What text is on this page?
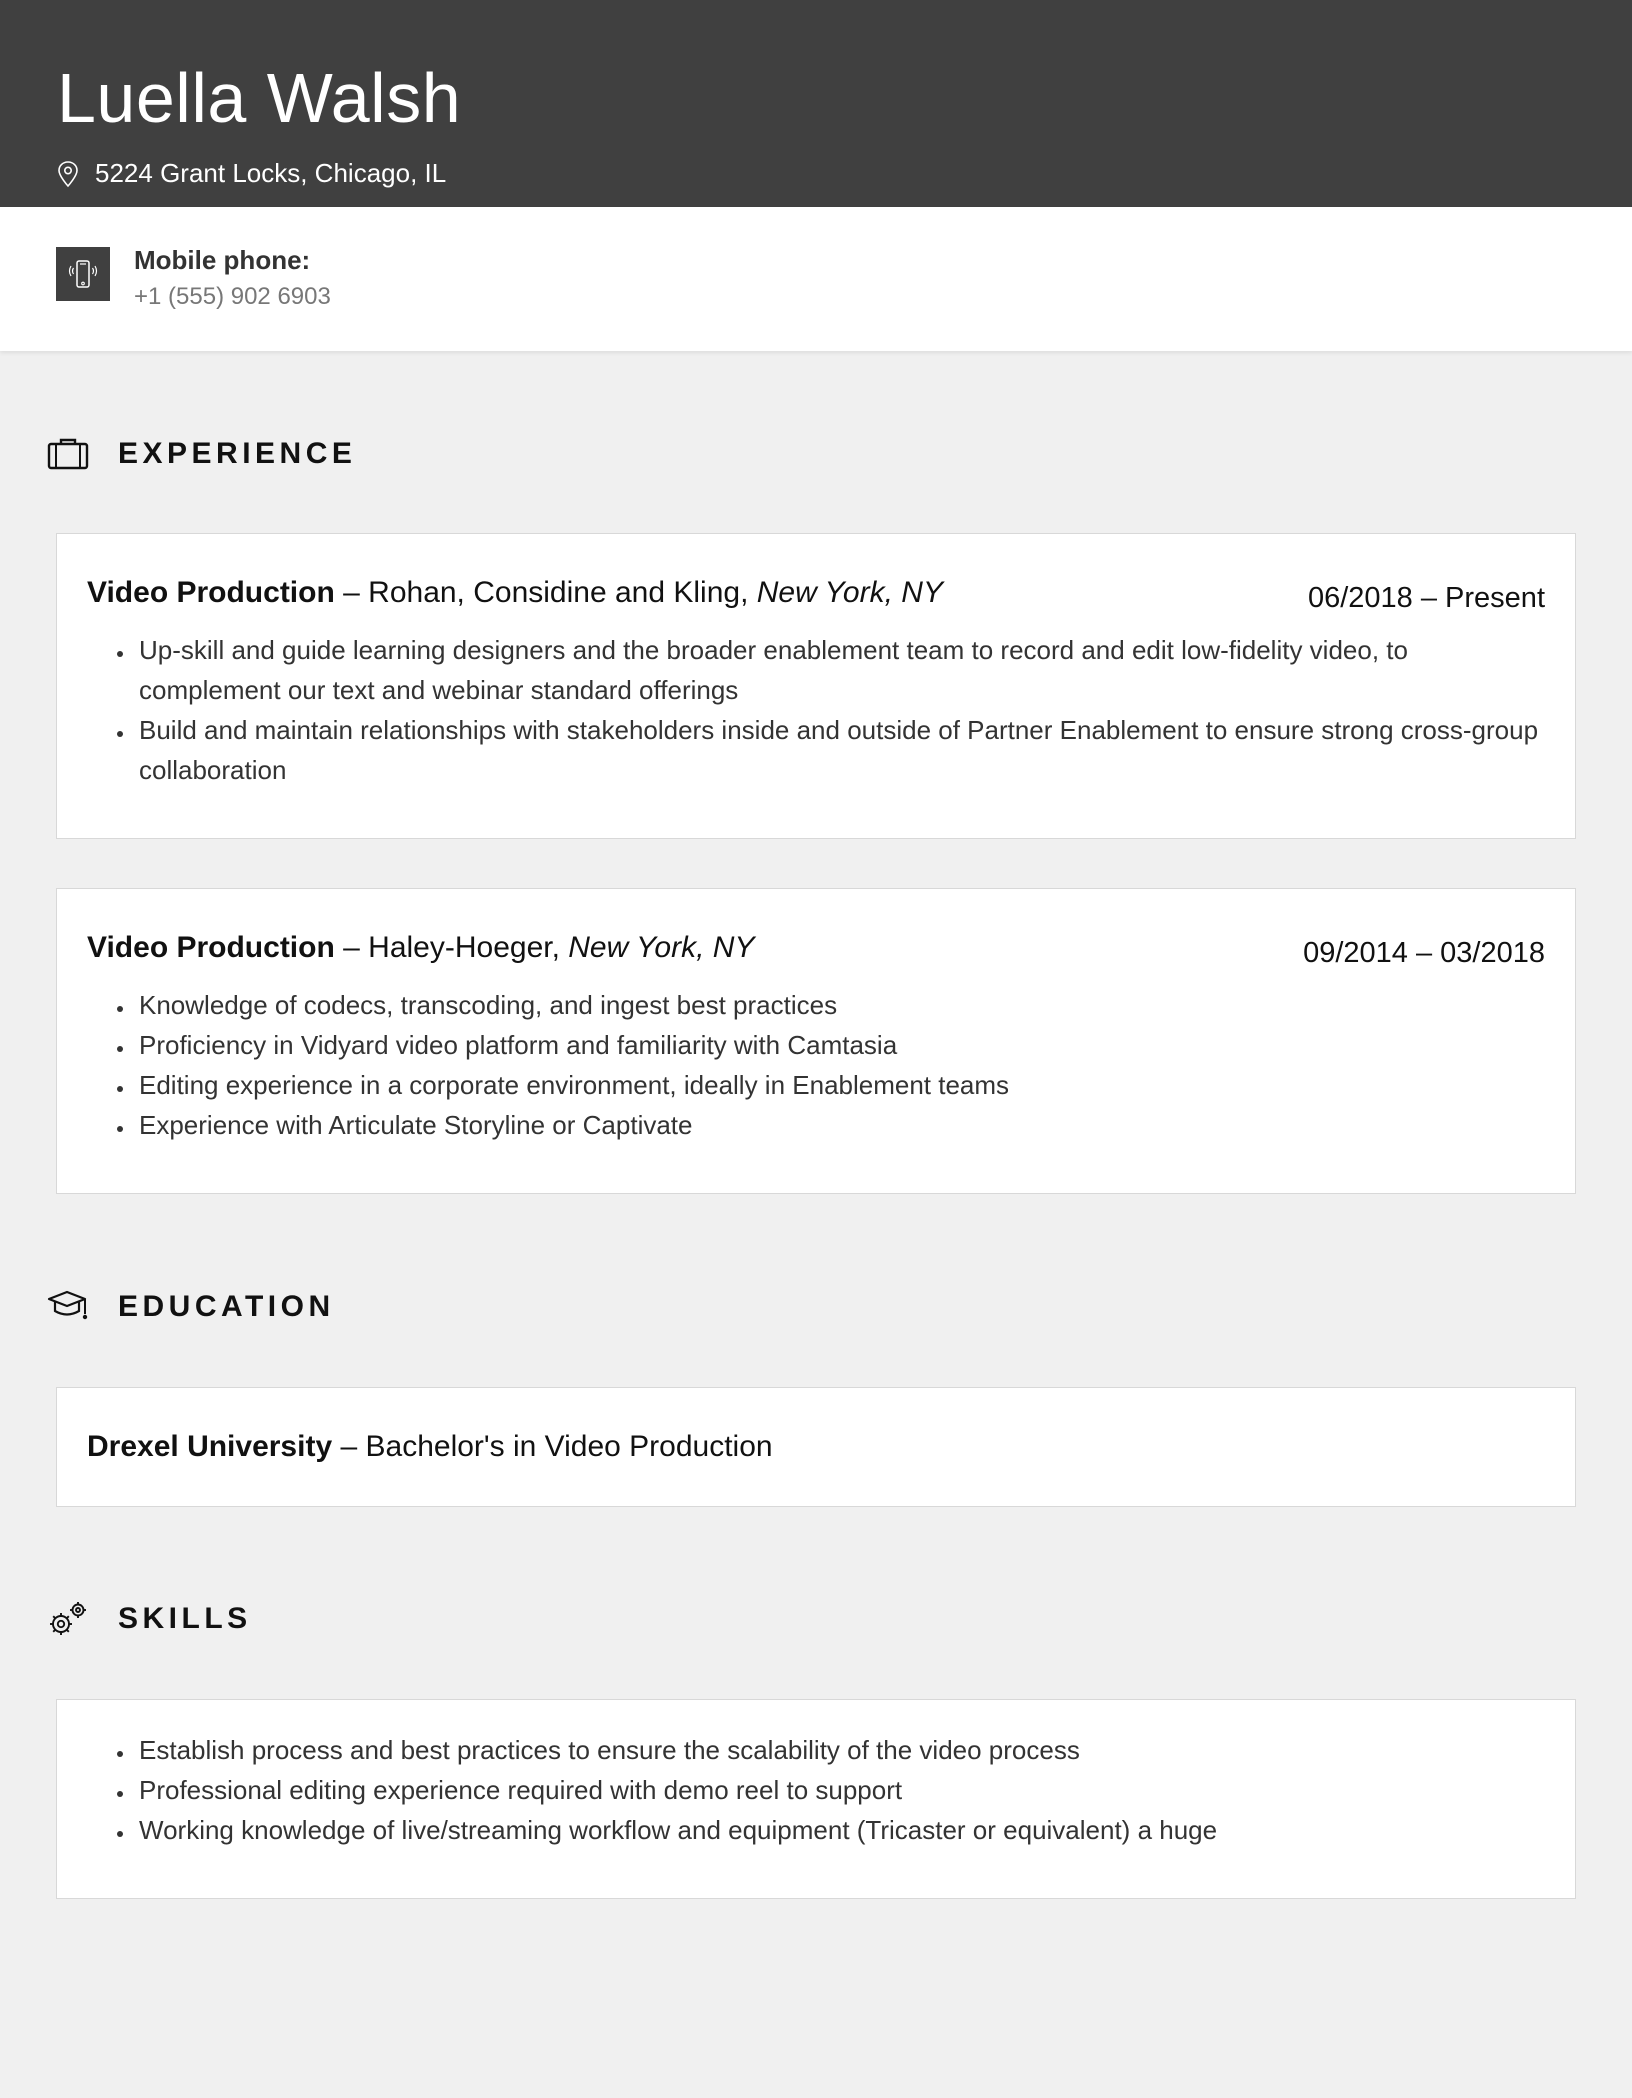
Luella Walsh
5224 Grant Locks, Chicago, IL
Mobile phone:
+1 (555) 902 6903
EXPERIENCE
Video Production – Rohan, Considine and Kling, New York, NY	06/2018 – Present
• Up-skill and guide learning designers and the broader enablement team to record and edit low-fidelity video, to complement our text and webinar standard offerings
• Build and maintain relationships with stakeholders inside and outside of Partner Enablement to ensure strong cross-group collaboration
Video Production – Haley-Hoeger, New York, NY	09/2014 – 03/2018
• Knowledge of codecs, transcoding, and ingest best practices
• Proficiency in Vidyard video platform and familiarity with Camtasia
• Editing experience in a corporate environment, ideally in Enablement teams
• Experience with Articulate Storyline or Captivate
EDUCATION
Drexel University – Bachelor's in Video Production
SKILLS
• Establish process and best practices to ensure the scalability of the video process
• Professional editing experience required with demo reel to support
• Working knowledge of live/streaming workflow and equipment (Tricaster or equivalent) a huge
